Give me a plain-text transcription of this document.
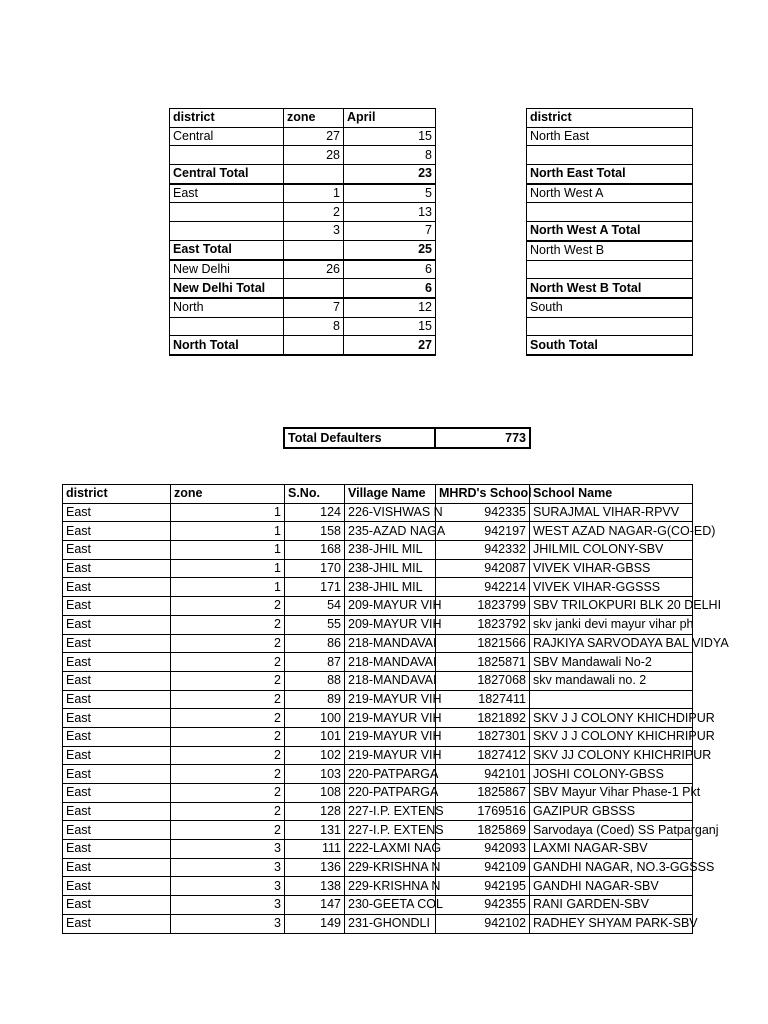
district	zone	April
Central	27	15
	28	8
Central Total		23
East	1	5
	2	13
	3	7
East Total		25
New Delhi	26	6
New Delhi Total		6
North	7	12
	8	15
North Total		27
district
North East

North East Total
North West A

North West A Total
North West B

North West B Total
South

South Total
Total Defaulters	773
district	zone	S.No.	Village Name	MHRD's School	School Name
East	1	124	226-VISHWAS N	942335	SURAJMAL VIHAR-RPVV
East	1	158	235-AZAD NAGA	942197	WEST AZAD NAGAR-G(CO-ED)
East	1	168	238-JHIL MIL	942332	JHILMIL COLONY-SBV
East	1	170	238-JHIL MIL	942087	VIVEK VIHAR-GBSS
East	1	171	238-JHIL MIL	942214	VIVEK VIHAR-GGSSS
East	2	54	209-MAYUR VIH	1823799	SBV TRILOKPURI BLK 20 DELHI
East	2	55	209-MAYUR VIH	1823792	skv janki devi mayur vihar ph
East	2	86	218-MANDAVAI	1821566	RAJKIYA SARVODAYA BAL VIDYA
East	2	87	218-MANDAVAI	1825871	SBV Mandawali No-2
East	2	88	218-MANDAVAI	1827068	skv mandawali no. 2
East	2	89	219-MAYUR VIH	1827411	
East	2	100	219-MAYUR VIH	1821892	SKV J J COLONY KHICHDIPUR
East	2	101	219-MAYUR VIH	1827301	SKV J J COLONY KHICHRIPUR
East	2	102	219-MAYUR VIH	1827412	SKV JJ COLONY KHICHRIPUR
East	2	103	220-PATPARGA	942101	JOSHI COLONY-GBSS
East	2	108	220-PATPARGA	1825867	SBV Mayur Vihar Phase-1 Pkt
East	2	128	227-I.P. EXTENS	1769516	GAZIPUR GBSSS
East	2	131	227-I.P. EXTENS	1825869	Sarvodaya (Coed) SS Patparganj
East	3	111	222-LAXMI NAG	942093	LAXMI NAGAR-SBV
East	3	136	229-KRISHNA N	942109	GANDHI NAGAR, NO.3-GGSSS
East	3	138	229-KRISHNA N	942195	GANDHI NAGAR-SBV
East	3	147	230-GEETA COL	942355	RANI GARDEN-SBV
East	3	149	231-GHONDLI	942102	RADHEY SHYAM PARK-SBV
